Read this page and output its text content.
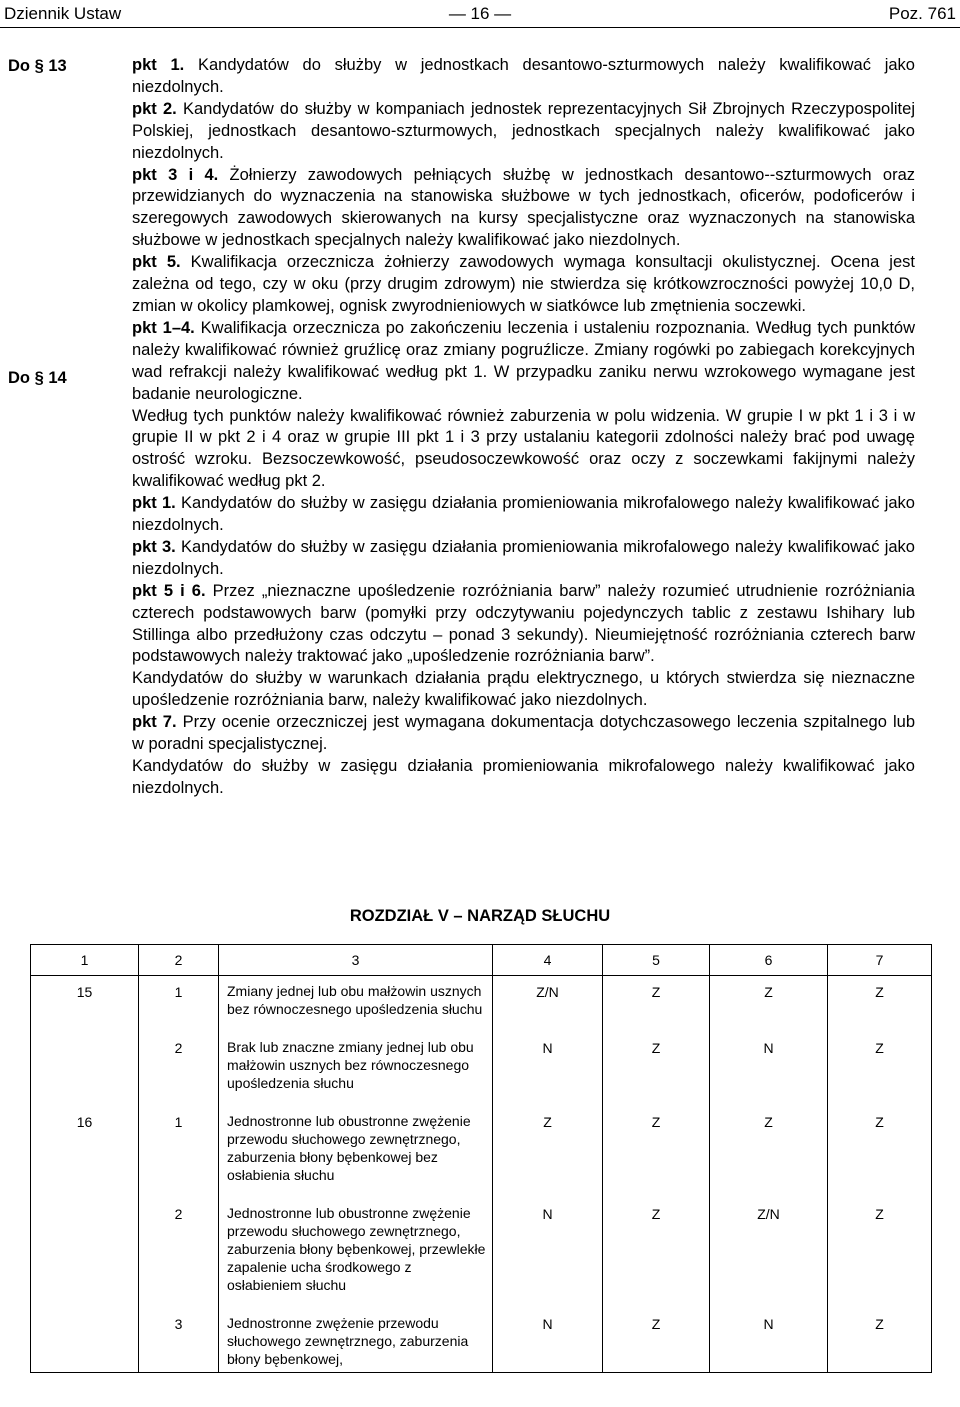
Dziennik Ustaw	— 16 —	Poz. 761
Do § 13
Do § 14

pkt 1. Kandydatów do służby w jednostkach desantowo-szturmowych należy kwalifikować jako niezdolnych.

pkt 2. Kandydatów do służby w kompaniach jednostek reprezentacyjnych Sił Zbrojnych Rzeczypospolitej Polskiej, jednostkach desantowo-szturmowych, jednostkach specjalnych należy kwalifikować jako niezdolnych.

pkt 3 i 4. Żołnierzy zawodowych pełniących służbę w jednostkach desantowo--szturmowych oraz przewidzianych do wyznaczenia na stanowiska służbowe w tych jednostkach, oficerów, podoficerów i szeregowych zawodowych skierowanych na kursy specjalistyczne oraz wyznaczonych na stanowiska służbowe w jednostkach specjalnych należy kwalifikować jako niezdolnych.

pkt 5. Kwalifikacja orzecznicza żołnierzy zawodowych wymaga konsultacji okulistycznej. Ocena jest zależna od tego, czy w oku (przy drugim zdrowym) nie stwierdza się krótkowzroczności powyżej 10,0 D, zmian w okolicy plamkowej, ognisk zwyrodnieniowych w siatkówce lub zmętnienia soczewki.

pkt 1–4. Kwalifikacja orzecznicza po zakończeniu leczenia i ustaleniu rozpoznania. Według tych punktów należy kwalifikować również gruźlicę oraz zmiany pogruźlicze. Zmiany rogówki po zabiegach korekcyjnych wad refrakcji należy kwalifikować według pkt 1. W przypadku zaniku nerwu wzrokowego wymagane jest badanie neurologiczne.

Według tych punktów należy kwalifikować również zaburzenia w polu widzenia. W grupie I w pkt 1 i 3 i w grupie II w pkt 2 i 4 oraz w grupie III pkt 1 i 3 przy ustalaniu kategorii zdolności należy brać pod uwagę ostrość wzroku. Bezsoczewkowość, pseudosoczewkowość oraz oczy z soczewkami fakijnymi należy kwalifikować według pkt 2.

pkt 1. Kandydatów do służby w zasięgu działania promieniowania mikrofalowego należy kwalifikować jako niezdolnych.

pkt 3. Kandydatów do służby w zasięgu działania promieniowania mikrofalowego należy kwalifikować jako niezdolnych.

pkt 5 i 6. Przez „nieznaczne upośledzenie rozróżniania barw” należy rozumieć utrudnienie rozróżniania czterech podstawowych barw (pomyłki przy odczytywaniu pojedynczych tablic z zestawu Ishihary lub Stillinga albo przedłużony czas odczytu – ponad 3 sekundy). Nieumiejętność rozróżniania czterech barw podstawowych należy traktować jako „upośledzenie rozróżniania barw”.

Kandydatów do służby w warunkach działania prądu elektrycznego, u których stwierdza się nieznaczne upośledzenie rozróżniania barw, należy kwalifikować jako niezdolnych.

pkt 7. Przy ocenie orzeczniczej jest wymagana dokumentacja dotychczasowego leczenia szpitalnego lub w poradni specjalistycznej.

Kandydatów do służby w zasięgu działania promieniowania mikrofalowego należy kwalifikować jako niezdolnych.

ROZDZIAŁ V – NARZĄD SŁUCHU
1	2	3	4	5	6	7
15	1	Zmiany jednej lub obu małżowin usznych bez równoczesnego upośledzenia słuchu	Z/N	Z	Z	Z
	2	Brak lub znaczne zmiany jednej lub obu małżowin usznych bez równoczesnego upośledzenia słuchu	N	Z	N	Z
16	1	Jednostronne lub obustronne zwężenie przewodu słuchowego zewnętrznego, zaburzenia błony bębenkowej bez osłabienia słuchu	Z	Z	Z	Z
	2	Jednostronne lub obustronne zwężenie przewodu słuchowego zewnętrznego, zaburzenia błony bębenkowej, przewlekłe zapalenie ucha środkowego z osłabieniem słuchu	N	Z	Z/N	Z
	3	Jednostronne zwężenie przewodu słuchowego zewnętrznego, zaburzenia błony bębenkowej,	N	Z	N	Z
